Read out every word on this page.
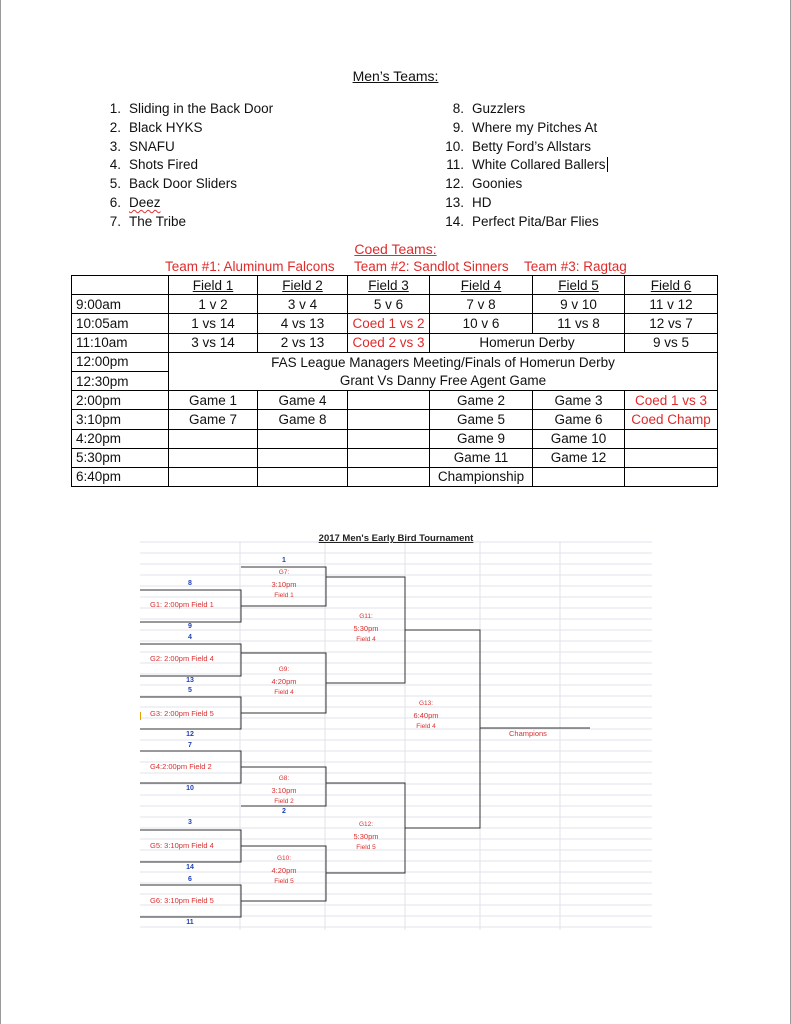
Men’s Teams:
1. Sliding in the Back Door
2. Black HYKS
3. SNAFU
4. Shots Fired
5. Back Door Sliders
6. Deez
7. The Tribe
8. Guzzlers
9. Where my Pitches At
10. Betty Ford’s Allstars
11. White Collared Ballers
12. Goonies
13. HD
14. Perfect Pita/Bar Flies
Coed Teams:
Team #1: Aluminum Falcons Team #2: Sandlot Sinners Team #3: Ragtag
	Field 1	Field 2	Field 3	Field 4	Field 5	Field 6
9:00am	1 v 2	3 v 4	5 v 6	7 v 8	9 v 10	11 v 12
10:05am	1 vs 14	4 vs 13	Coed 1 vs 2	10 v 6	11 vs 8	12 vs 7
11:10am	3 vs 14	2 vs 13	Coed 2 vs 3	Homerun Derby		9 vs 5
12:00pm	FAS League Managers Meeting/Finals of Homerun Derby					
12:30pm	Grant Vs Danny Free Agent Game					
2:00pm	Game 1	Game 4		Game 2	Game 3	Coed 1 vs 3
3:10pm	Game 7	Game 8		Game 5	Game 6	Coed Champ
4:20pm				Game 9	Game 10	
5:30pm				Game 11	Game 12	
6:40pm				Championship		
2017 Men's Early Bird Tournament
1
8
9
4
13
5
12
7
10
2
3
14
6
11
G1: 2:00pm Field 1
G2: 2:00pm Field 4
G3: 2:00pm Field 5
G4:2:00pm Field 2
G5: 3:10pm Field 4
G6: 3:10pm Field 5
G7:
3:10pm
Field 1
G9:
4:20pm
Field 4
G8:
3:10pm
Field 2
G10:
4:20pm
Field 5
G11:
5:30pm
Field 4
G12:
5:30pm
Field 5
G13:
6:40pm
Field 4
Champions
